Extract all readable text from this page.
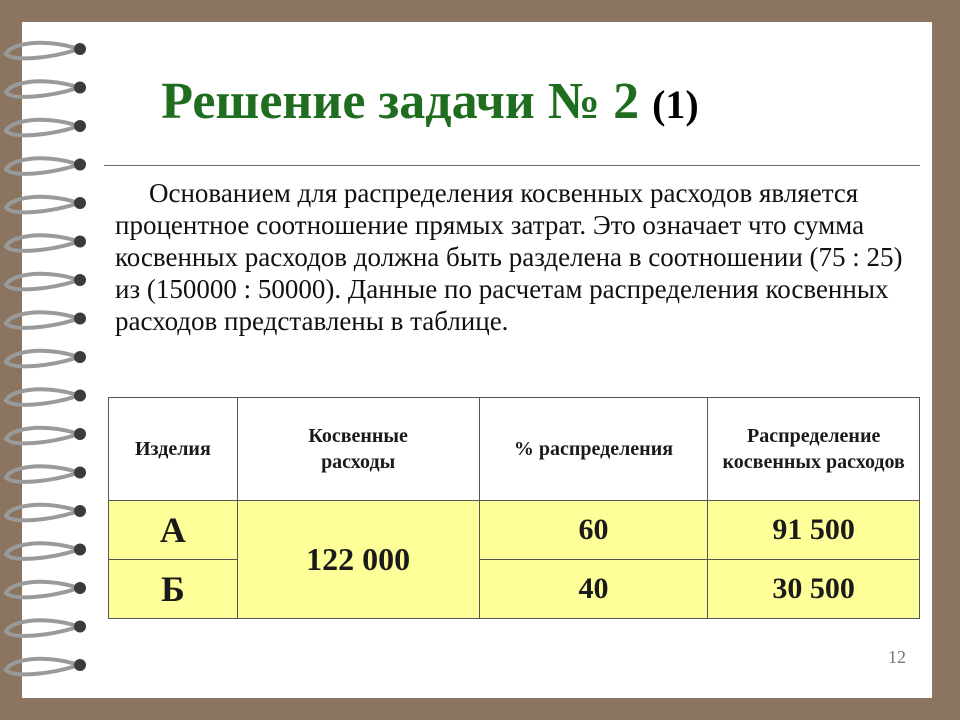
Решение задачи № 2 (1)
Основанием для распределения косвенных расходов является процентное соотношение прямых затрат. Это означает что сумма косвенных расходов должна быть разделена в соотношении (75 : 25) из (150000 : 50000). Данные по расчетам распределения косвенных расходов представлены в таблице.
Изделия	Косвенные расходы	% распределения	Распределение косвенных расходов
А	122 000	60	91 500
Б		40	30 500
12
